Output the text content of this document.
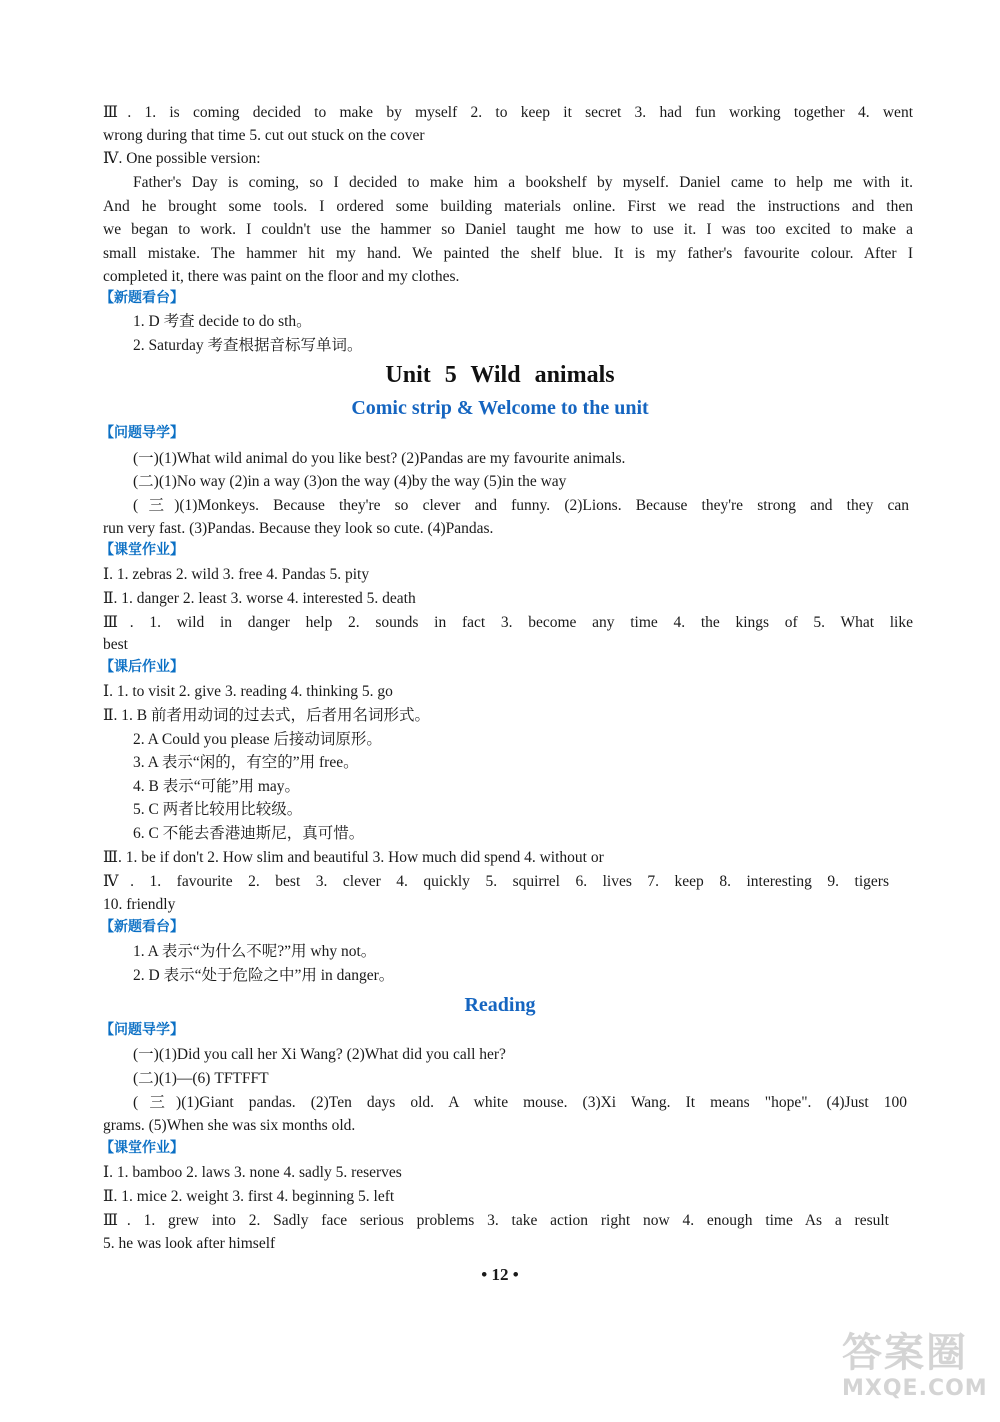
Ⅲ. 1. is coming decided to make by myself 2. to keep it secret 3. had fun working together 4. went
wrong during that time 5. cut out stuck on the cover
Ⅳ. One possible version:
Father's Day is coming, so I decided to make him a bookshelf by myself. Daniel came to help me with it.
And he brought some tools. I ordered some building materials online. First we read the instructions and then
we began to work. I couldn't use the hammer so Daniel taught me how to use it. I was too excited to make a
small mistake. The hammer hit my hand. We painted the shelf blue. It is my father's favourite colour. After I
completed it, there was paint on the floor and my clothes.
【新题看台】
1. D 考查 decide to do sth。
2. Saturday 考查根据音标写单词。
Unit 5 Wild animals
Comic strip & Welcome to the unit
【问题导学】
(一)(1)What wild animal do you like best? (2)Pandas are my favourite animals.
(二)(1)No way (2)in a way (3)on the way (4)by the way (5)in the way
(三)(1)Monkeys. Because they're so clever and funny. (2)Lions. Because they're strong and they can
run very fast. (3)Pandas. Because they look so cute. (4)Pandas.
【课堂作业】
Ⅰ. 1. zebras 2. wild 3. free 4. Pandas 5. pity
Ⅱ. 1. danger 2. least 3. worse 4. interested 5. death
Ⅲ. 1. wild in danger help 2. sounds in fact 3. become any time 4. the kings of 5. What like
best
【课后作业】
Ⅰ. 1. to visit 2. give 3. reading 4. thinking 5. go
Ⅱ. 1. B 前者用动词的过去式，后者用名词形式。
2. A Could you please 后接动词原形。
3. A 表示“闲的，有空的”用 free。
4. B 表示“可能”用 may。
5. C 两者比较用比较级。
6. C 不能去香港迪斯尼，真可惜。
Ⅲ. 1. be if don't 2. How slim and beautiful 3. How much did spend 4. without or
Ⅳ. 1. favourite 2. best 3. clever 4. quickly 5. squirrel 6. lives 7. keep 8. interesting 9. tigers
10. friendly
【新题看台】
1. A 表示“为什么不呢?”用 why not。
2. D 表示“处于危险之中”用 in danger。
Reading
【问题导学】
(一)(1)Did you call her Xi Wang? (2)What did you call her?
(二)(1)—(6) TFTFFT
(三)(1)Giant pandas. (2)Ten days old. A white mouse. (3)Xi Wang. It means "hope". (4)Just 100
grams. (5)When she was six months old.
【课堂作业】
Ⅰ. 1. bamboo 2. laws 3. none 4. sadly 5. reserves
Ⅱ. 1. mice 2. weight 3. first 4. beginning 5. left
Ⅲ. 1. grew into 2. Sadly face serious problems 3. take action right now 4. enough time As a result
5. he was look after himself
• 12 •
答案圈
MXQE.COM
